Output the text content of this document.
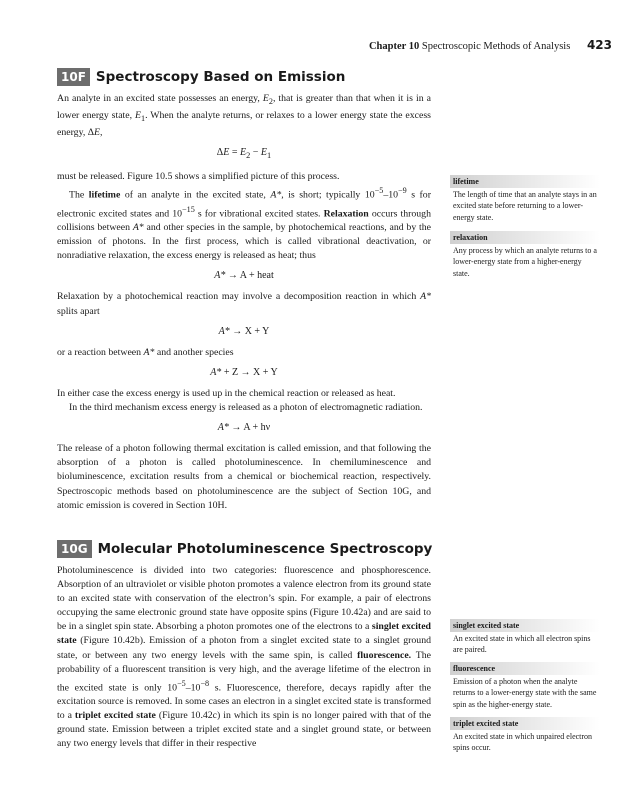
Chapter 10 Spectroscopic Methods of Analysis 423
10F Spectroscopy Based on Emission

An analyte in an excited state possesses an energy, $E_2$, that is greater than that when it is in a lower energy state, $E_1$. When the analyte returns, or relaxes to a lower energy state the excess energy, ΔE,

$\Delta E = E_2 - E_1$

must be released. Figure 10.5 shows a simplified picture of this process.

The lifetime of an analyte in the excited state, A*, is short; typically $10^{-5}-10^{-9}$ s for electronic excited states and $10^{-15}$ s for vibrational excited states. Relaxation occurs through collisions between A* and other species in the sample, by photochemical reactions, and by the emission of photons. In the first process, which is called vibrational deactivation, or nonradiative relaxation, the excess energy is released as heat; thus

A* → A + heat

Relaxation by a photochemical reaction may involve a decomposition reaction in which A* splits apart

A* → X + Y

or a reaction between A* and another species

A* + Z → X + Y

In either case the excess energy is used up in the chemical reaction or released as heat.

In the third mechanism excess energy is released as a photon of electromagnetic radiation.

A* → A + hν

The release of a photon following thermal excitation is called emission, and that following the absorption of a photon is called photoluminescence. In chemiluminescence and bioluminescence, excitation results from a chemical or biochemical reaction, respectively. Spectroscopic methods based on photoluminescence are the subject of Section 10G, and atomic emission is covered in Section 10H.

10G Molecular Photoluminescence Spectroscopy

Photoluminescence is divided into two categories: fluorescence and phosphorescence. Absorption of an ultraviolet or visible photon promotes a valence electron from its ground state to an excited state with conservation of the electron’s spin. For example, a pair of electrons occupying the same electronic ground state have opposite spins (Figure 10.42a) and are said to be in a singlet spin state. Absorbing a photon promotes one of the electrons to a singlet excited state (Figure 10.42b). Emission of a photon from a singlet excited state to a singlet ground state, or between any two energy levels with the same spin, is called fluorescence. The probability of a fluorescent transition is very high, and the average lifetime of the electron in the excited state is only $10^{-5}-10^{-8}$ s. Fluorescence, therefore, decays rapidly after the excitation source is removed. In some cases an electron in a singlet excited state is transformed to a triplet excited state (Figure 10.42c) in which its spin is no longer paired with that of the ground state. Emission between a triplet excited state and a singlet ground state, or between any two energy levels that differ in their respective

lifetime
The length of time that an analyte stays in an excited state before returning to a lower-energy state.
relaxation
Any process by which an analyte returns to a lower-energy state from a higher-energy state.
singlet excited state
An excited state in which all electron spins are paired.
fluorescence
Emission of a photon when the analyte returns to a lower-energy state with the same spin as the higher-energy state.
triplet excited state
An excited state in which unpaired electron spins occur.
